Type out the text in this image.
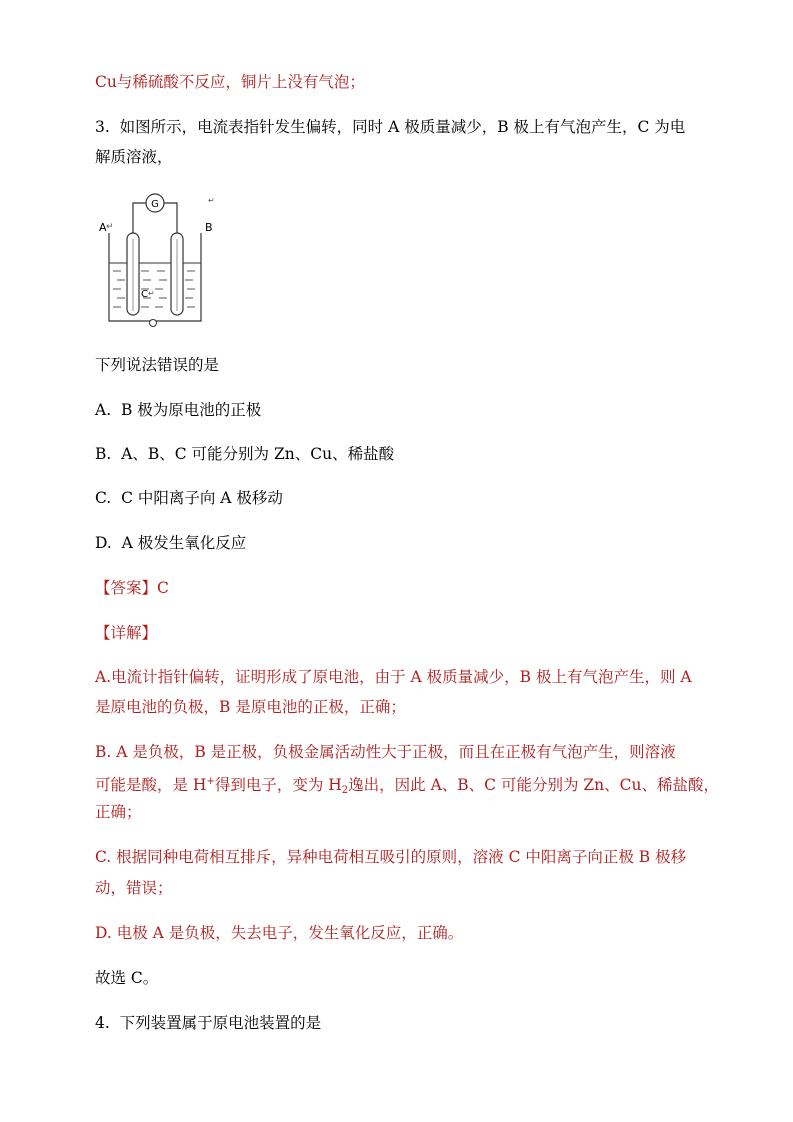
Cu与稀硫酸不反应，铜片上没有气泡；
3. 如图所示，电流表指针发生偏转，同时 A 极质量减少，B 极上有气泡产生，C 为电
解质溶液，
G
A ↵	B
↵
C ↵
下列说法错误的是
A. B 极为原电池的正极
B. A、B、C 可能分别为 Zn、Cu、稀盐酸
C. C 中阳离子向 A 极移动
D. A 极发生氧化反应
【答案】C
【详解】
A.电流计指针偏转，证明形成了原电池，由于 A 极质量减少，B 极上有气泡产生，则 A
是原电池的负极，B 是原电池的正极，正确；
B. A 是负极，B 是正极，负极金属活动性大于正极，而且在正极有气泡产生，则溶液
可能是酸，是 H+得到电子，变为 $H_2$逸出，因此 A、B、C 可能分别为 Zn、Cu、稀盐酸，
正确；
C. 根据同种电荷相互排斥，异种电荷相互吸引的原则，溶液 C 中阳离子向正极 B 极移
动，错误；
D. 电极 A 是负极，失去电子，发生氧化反应，正确。
故选 C。
4. 下列装置属于原电池装置的是
